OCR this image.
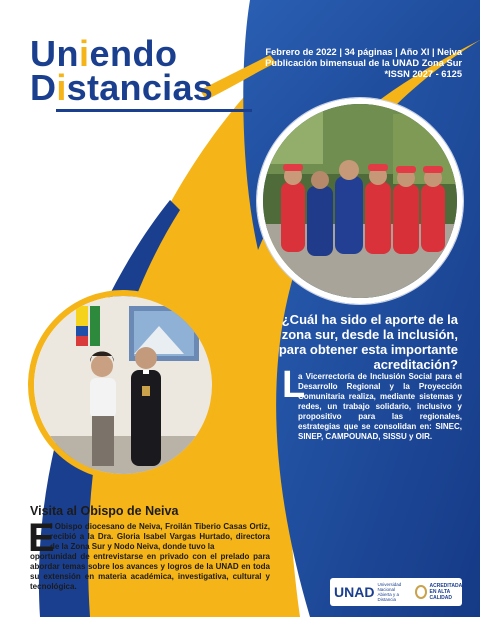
Uniendo
Distancias
Febrero de 2022 | 34 páginas | Año XI | Neiva
Publicación bimensual de la UNAD Zona Sur
*ISSN 2027 - 6125
¿Cuál ha sido el aporte de la zona sur, desde la inclusión, para obtener esta importante acreditación?
L
a Vicerrectoría de Inclusión Social para el Desarrollo Regional y la Proyección Comunitaria realiza, mediante sistemas y redes, un trabajo solidario, inclusivo y propositivo para las regionales, estrategias que se consolidan en: SINEC, SINEP, CAMPOUNAD, SISSU y OIR.
Visita al Obispo de Neiva
E
l Obispo diocesano de Neiva, Froilán Tiberio Casas Ortiz, recibió a la Dra. Gloria Isabel Vargas Hurtado, directora de la Zona Sur y Nodo Neiva, donde tuvo la
oportunidad de entrevistarse en privado con el prelado para abordar temas sobre los avances y logros de la UNAD en toda su extensión en materia académica, investigativa, cultural y tecnológica.	UNAD Universidad Nacional Abierta y a Distancia
ACREDITADA EN ALTA CALIDAD
